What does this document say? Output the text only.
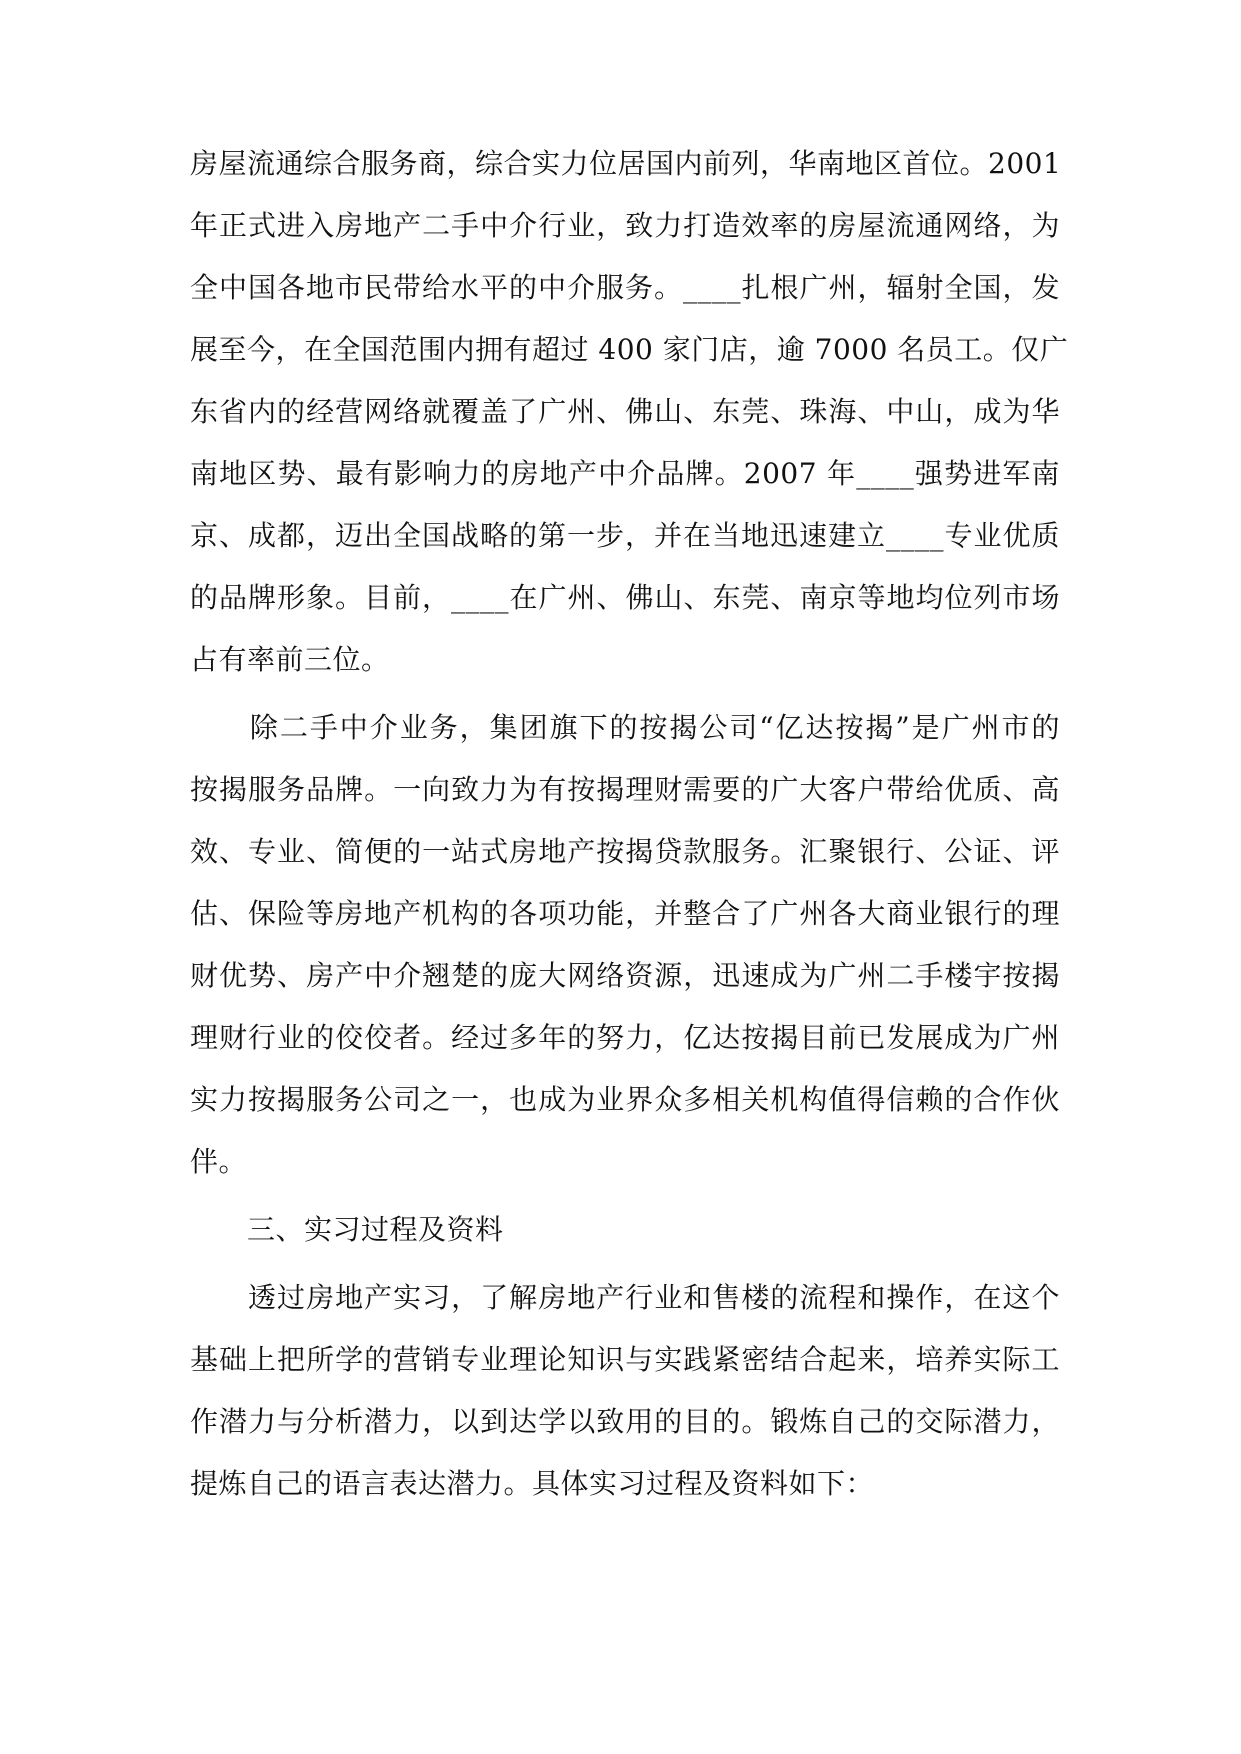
房屋流通综合服务商，综合实力位居国内前列，华南地区首位。2001
年正式进入房地产二手中介行业，致力打造效率的房屋流通网络，为
全中国各地市民带给水平的中介服务。____扎根广州，辐射全国，发
展至今，在全国范围内拥有超过 400 家门店，逾 7000 名员工。仅广
东省内的经营网络就覆盖了广州、佛山、东莞、珠海、中山，成为华
南地区势、最有影响力的房地产中介品牌。2007 年____强势进军南
京、成都，迈出全国战略的第一步，并在当地迅速建立____专业优质
的品牌形象。目前，____在广州、佛山、东莞、南京等地均位列市场
占有率前三位。
　　除二手中介业务，集团旗下的按揭公司“亿达按揭”是广州市的
按揭服务品牌。一向致力为有按揭理财需要的广大客户带给优质、高
效、专业、简便的一站式房地产按揭贷款服务。汇聚银行、公证、评
估、保险等房地产机构的各项功能，并整合了广州各大商业银行的理
财优势、房产中介翘楚的庞大网络资源，迅速成为广州二手楼宇按揭
理财行业的佼佼者。经过多年的努力，亿达按揭目前已发展成为广州
实力按揭服务公司之一，也成为业界众多相关机构值得信赖的合作伙
伴。
　　三、实习过程及资料
　　透过房地产实习，了解房地产行业和售楼的流程和操作，在这个
基础上把所学的营销专业理论知识与实践紧密结合起来，培养实际工
作潜力与分析潜力，以到达学以致用的目的。锻炼自己的交际潜力，
提炼自己的语言表达潜力。具体实习过程及资料如下：
